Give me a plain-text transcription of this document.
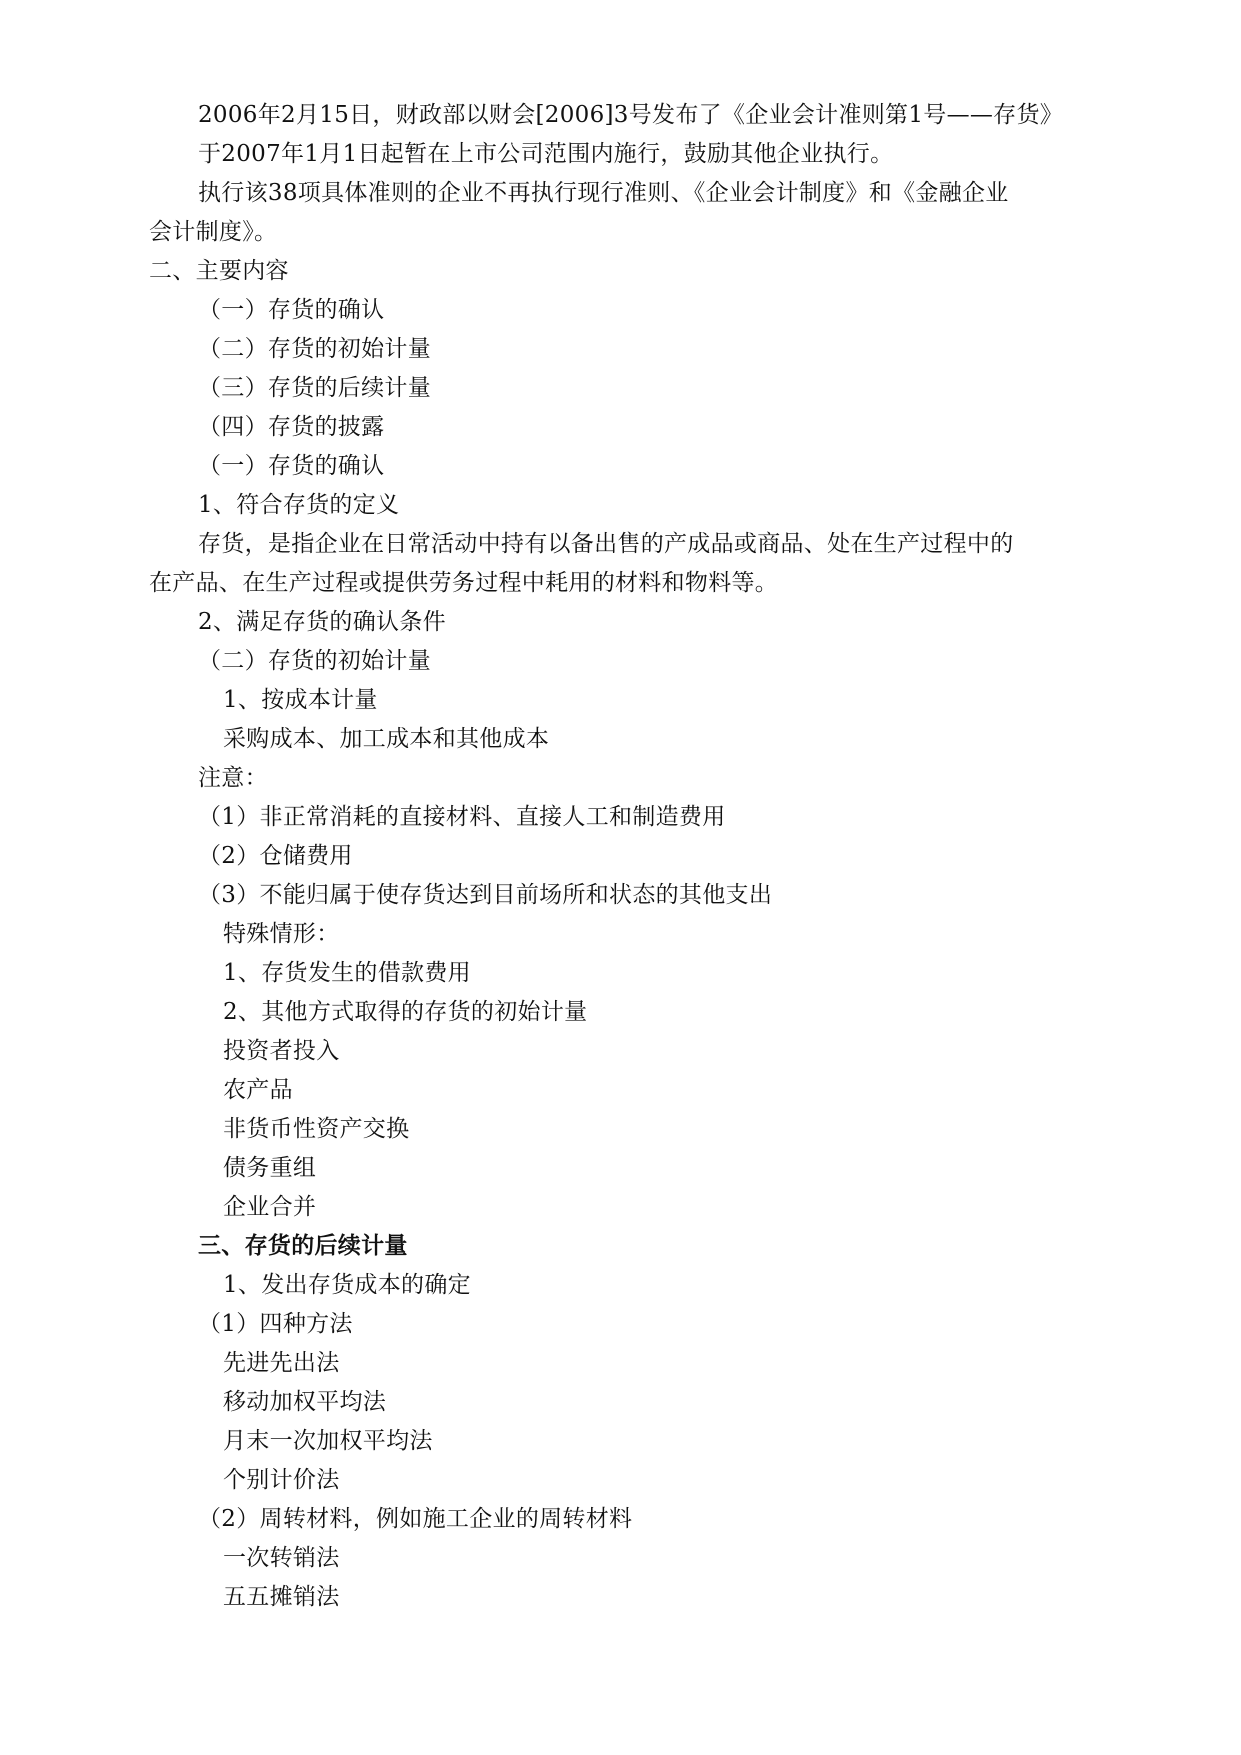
2006年2月15日，财政部以财会[2006]3号发布了《企业会计准则第1号——存货》
于2007年1月1日起暂在上市公司范围内施行，鼓励其他企业执行。
执行该38项具体准则的企业不再执行现行准则、《企业会计制度》和《金融企业
会计制度》。
二、主要内容
（一）存货的确认
（二）存货的初始计量
（三）存货的后续计量
（四）存货的披露
（一）存货的确认
1、符合存货的定义
存货，是指企业在日常活动中持有以备出售的产成品或商品、处在生产过程中的
在产品、在生产过程或提供劳务过程中耗用的材料和物料等。
2、满足存货的确认条件
（二）存货的初始计量
1、按成本计量
采购成本、加工成本和其他成本
注意：
（1）非正常消耗的直接材料、直接人工和制造费用
（2）仓储费用
（3）不能归属于使存货达到目前场所和状态的其他支出
特殊情形：
1、存货发生的借款费用
2、其他方式取得的存货的初始计量
投资者投入
农产品
非货币性资产交换
债务重组
企业合并
三、存货的后续计量
1、发出存货成本的确定
（1）四种方法
先进先出法
移动加权平均法
月末一次加权平均法
个别计价法
（2）周转材料，例如施工企业的周转材料
一次转销法
五五摊销法
